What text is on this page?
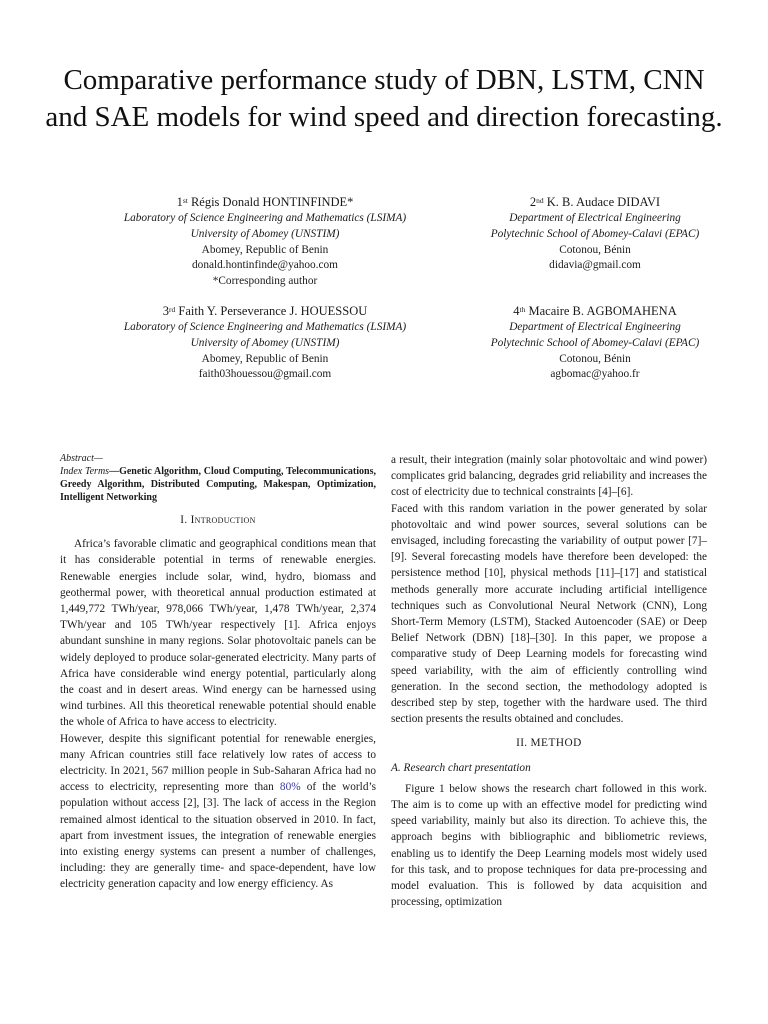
Comparative performance study of DBN, LSTM, CNN and SAE models for wind speed and direction forecasting.
1st Régis Donald HONTINFINDE*
Laboratory of Science Engineering and Mathematics (LSIMA)
University of Abomey (UNSTIM)
Abomey, Republic of Benin
donald.hontinfinde@yahoo.com
*Corresponding author
2nd K. B. Audace DIDAVI
Department of Electrical Engineering
Polytechnic School of Abomey-Calavi (EPAC)
Cotonou, Bénin
didavia@gmail.com
3rd Faith Y. Perseverance J. HOUESSOU
Laboratory of Science Engineering and Mathematics (LSIMA)
University of Abomey (UNSTIM)
Abomey, Republic of Benin
faith03houessou@gmail.com
4th Macaire B. AGBOMAHENA
Department of Electrical Engineering
Polytechnic School of Abomey-Calavi (EPAC)
Cotonou, Bénin
agbomac@yahoo.fr

Abstract—
Index Terms—Genetic Algorithm, Cloud Computing, Telecommunications, Greedy Algorithm, Distributed Computing, Makespan, Optimization, Intelligent Networking

I. Introduction

Africa’s favorable climatic and geographical conditions mean that it has considerable potential in terms of renewable energies. Renewable energies include solar, wind, hydro, biomass and geothermal power, with theoretical annual production estimated at 1,449,772 TWh/year, 978,066 TWh/year, 1,478 TWh/year, 2,374 TWh/year and 105 TWh/year respectively [1]. Africa enjoys abundant sunshine in many regions. Solar photovoltaic panels can be widely deployed to produce solar-generated electricity. Many parts of Africa have considerable wind energy potential, particularly along the coast and in desert areas. Wind energy can be harnessed using wind turbines. All this theoretical renewable potential should enable the whole of Africa to have access to electricity.

However, despite this significant potential for renewable energies, many African countries still face relatively low rates of access to electricity. In 2021, 567 million people in Sub-Saharan Africa had no access to electricity, representing more than 80% of the world’s population without access [2], [3]. The lack of access in the Region remained almost identical to the situation observed in 2010. In fact, apart from investment issues, the integration of renewable energies into existing energy systems can present a number of challenges, including: they are generally time- and space-dependent, have low electricity generation capacity and low energy efficiency. As

a result, their integration (mainly solar photovoltaic and wind power) complicates grid balancing, degrades grid reliability and increases the cost of electricity due to technical constraints [4]–[6].

Faced with this random variation in the power generated by solar photovoltaic and wind power sources, several solutions can be envisaged, including forecasting the variability of output power [7]–[9]. Several forecasting models have therefore been developed: the persistence method [10], physical methods [11]–[17] and statistical methods generally more accurate including artificial intelligence techniques such as Convolutional Neural Network (CNN), Long Short-Term Memory (LSTM), Stacked Autoencoder (SAE) or Deep Belief Network (DBN) [18]–[30]. In this paper, we propose a comparative study of Deep Learning models for forecasting wind speed variability, with the aim of efficiently controlling wind generation. In the second section, the methodology adopted is described step by step, together with the hardware used. The third section presents the results obtained and concludes.

II. METHOD

A. Research chart presentation

Figure 1 below shows the research chart followed in this work. The aim is to come up with an effective model for predicting wind speed variability, mainly but also its direction. To achieve this, the approach begins with bibliographic and bibliometric reviews, enabling us to identify the Deep Learning models most widely used for this task, and to propose techniques for data pre-processing and model evaluation. This is followed by data acquisition and processing, optimization
